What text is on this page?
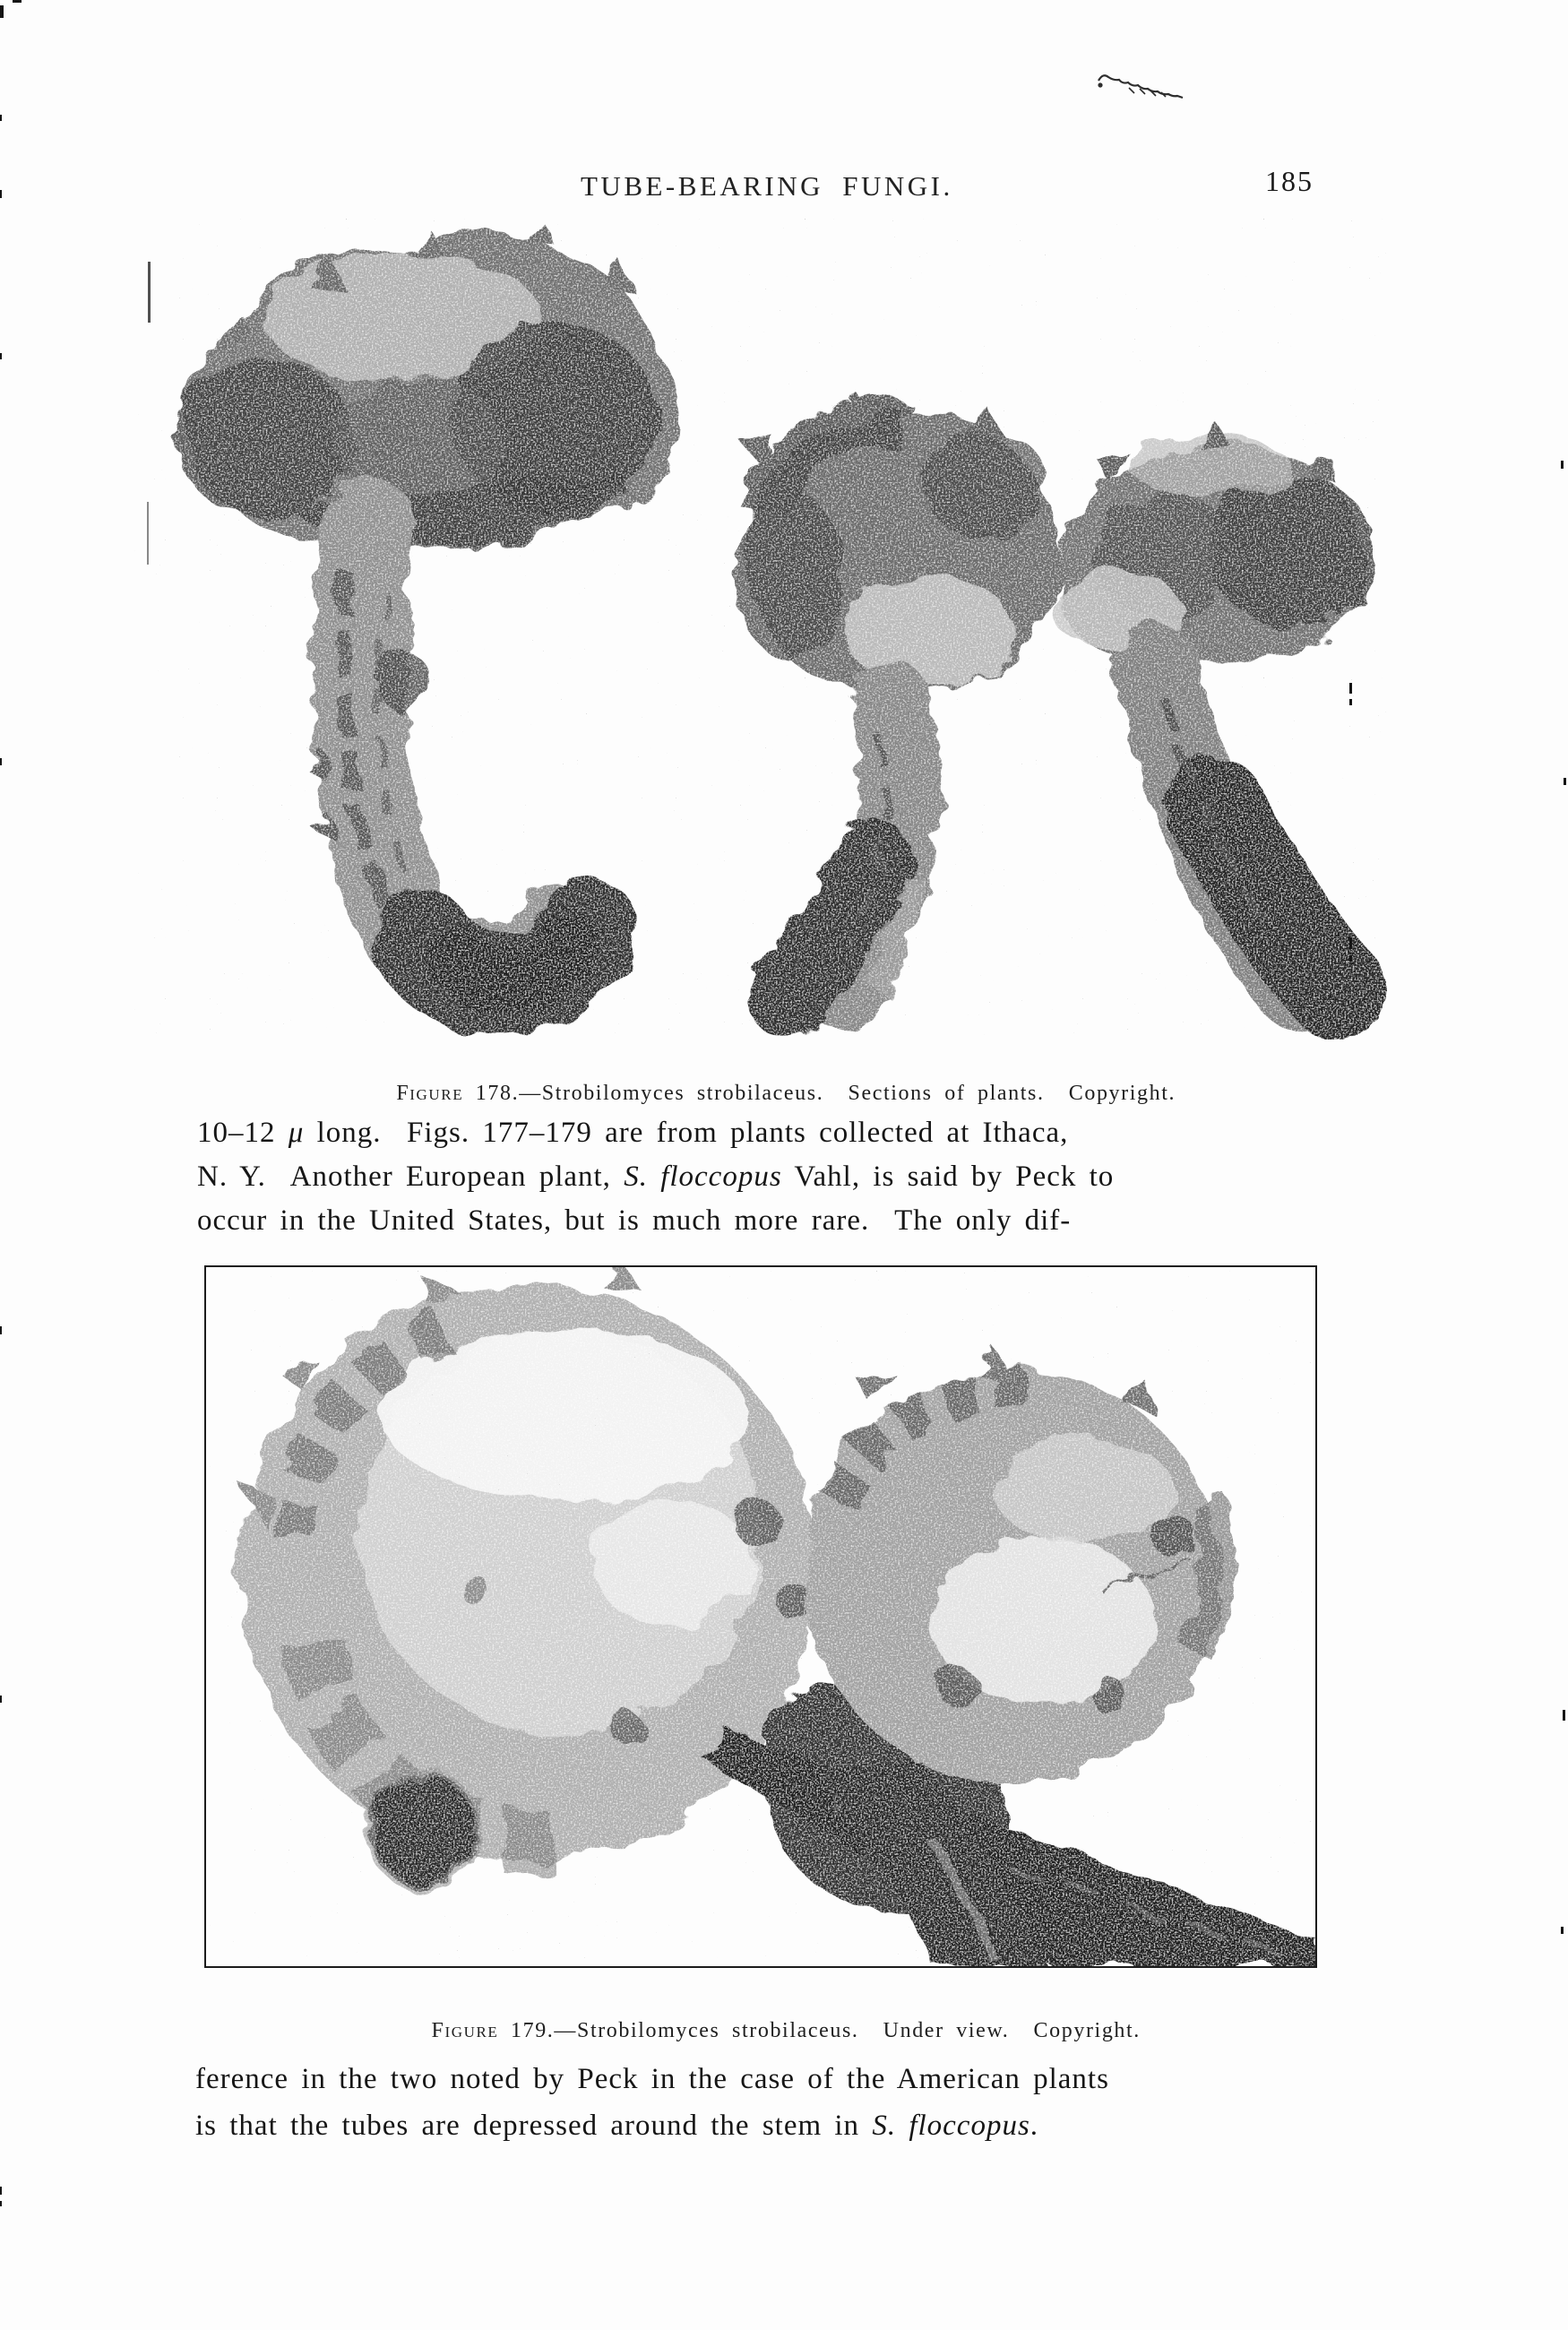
TUBE-BEARING FUNGI.	185

Figure 178.—Strobilomyces strobilaceus.  Sections of plants.  Copyright.

10–12 μ long.  Figs. 177–179 are from plants collected at Ithaca,
N. Y.  Another European plant, S. floccopus Vahl, is said by Peck to
occur in the United States, but is much more rare.  The only dif-

Figure 179.—Strobilomyces strobilaceus.  Under view.  Copyright.

ference in the two noted by Peck in the case of the American plants
is that the tubes are depressed around the stem in S. floccopus.
